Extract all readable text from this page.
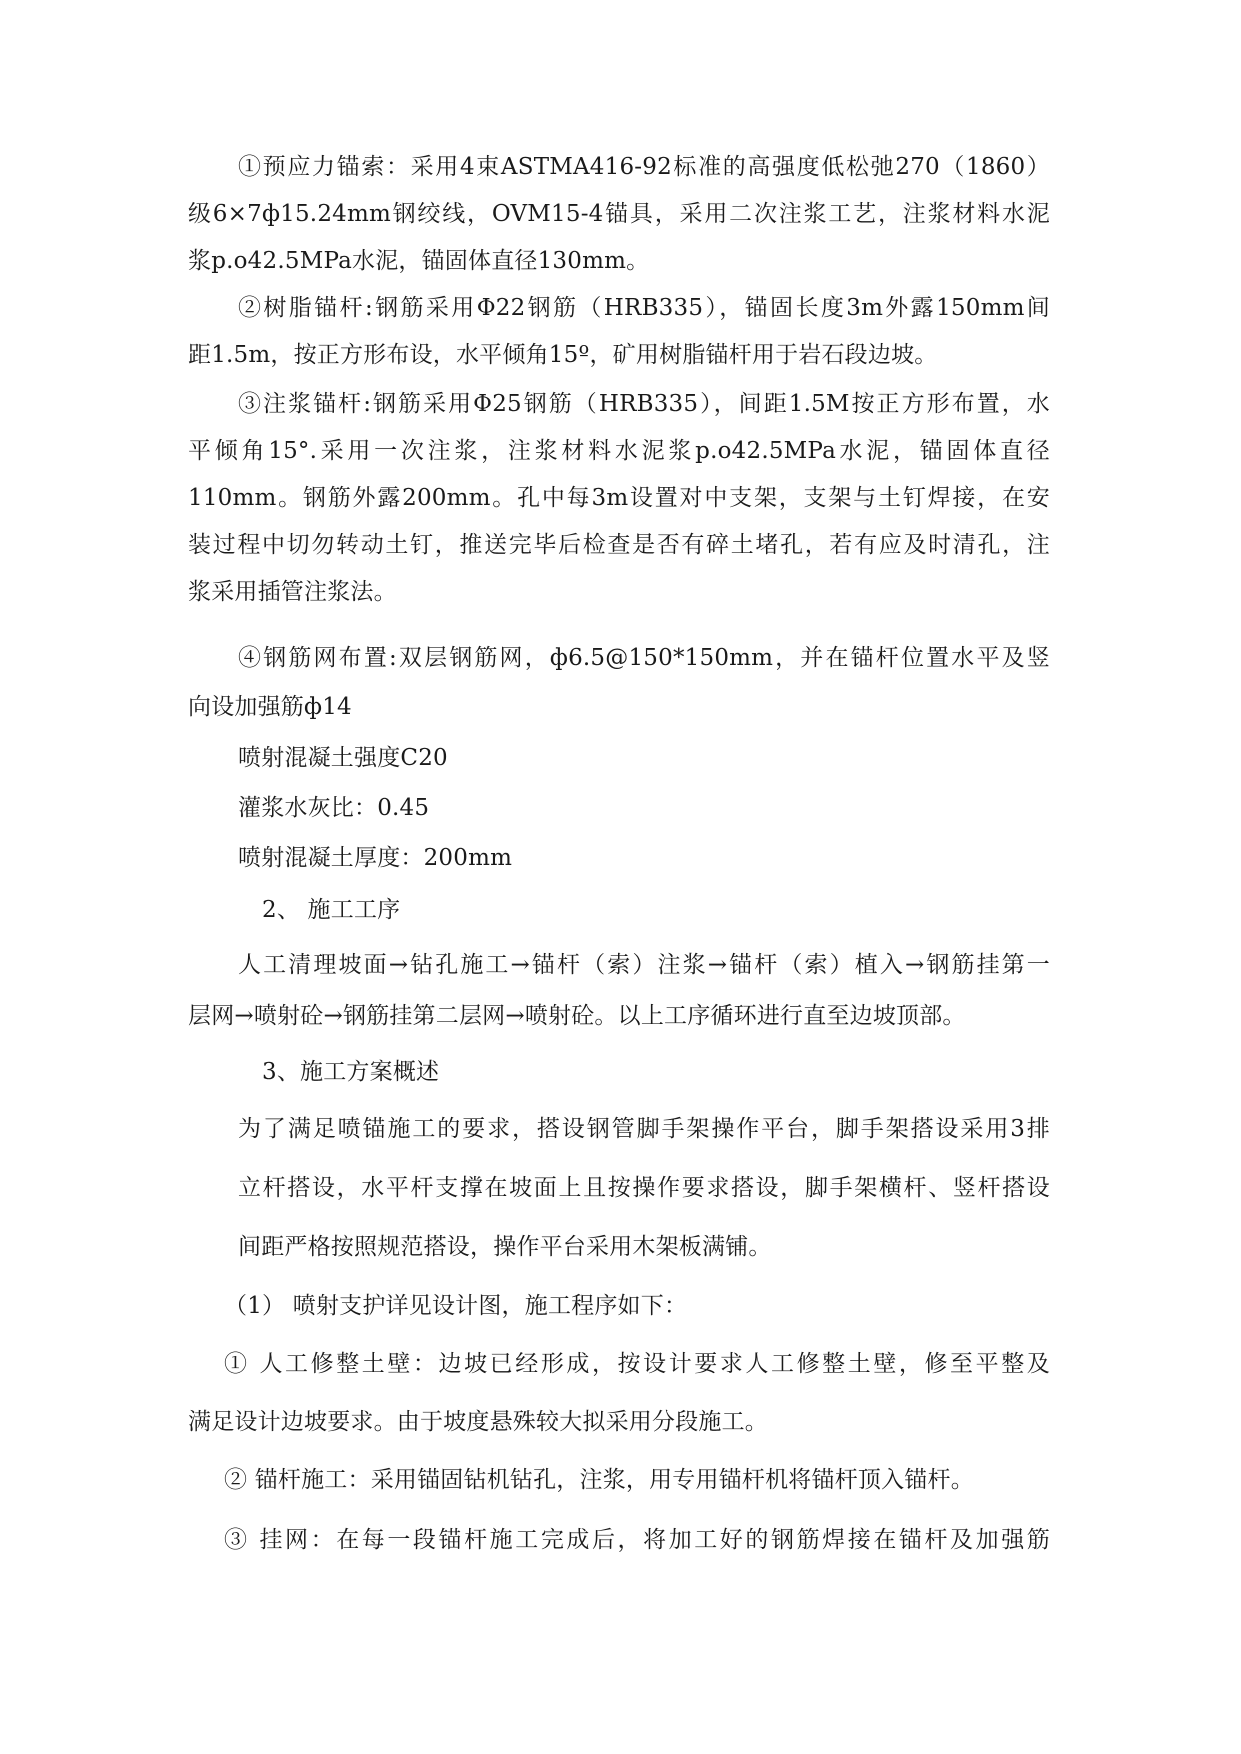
①预应力锚索：采用4束ASTMA416-92标准的高强度低松弛270（1860）
级6×7ф15.24mm钢绞线，OVM15-4锚具，采用二次注浆工艺，注浆材料水泥
浆p.o42.5MPa水泥，锚固体直径130mm。
②树脂锚杆:钢筋采用Φ22钢筋（HRB335），锚固长度3m外露150mm间
距1.5m，按正方形布设，水平倾角15º，矿用树脂锚杆用于岩石段边坡。
③注浆锚杆:钢筋采用Φ25钢筋（HRB335），间距1.5M按正方形布置，水
平倾角15°.采用一次注浆，注浆材料水泥浆p.o42.5MPa水泥，锚固体直径
110mm。钢筋外露200mm。孔中每3m设置对中支架，支架与土钉焊接，在安
装过程中切勿转动土钉，推送完毕后检查是否有碎土堵孔，若有应及时清孔，注
浆采用插管注浆法。
④钢筋网布置:双层钢筋网，ф6.5@150*150mm，并在锚杆位置水平及竖
向设加强筋ф14
喷射混凝土强度C20
灌浆水灰比：0.45
喷射混凝土厚度：200mm
2、 施工工序
人工清理坡面→钻孔施工→锚杆（索）注浆→锚杆（索）植入→钢筋挂第一
层网→喷射砼→钢筋挂第二层网→喷射砼。以上工序循环进行直至边坡顶部。
3、施工方案概述
为了满足喷锚施工的要求，搭设钢管脚手架操作平台，脚手架搭设采用3排
立杆搭设，水平杆支撑在坡面上且按操作要求搭设，脚手架横杆、竖杆搭设
间距严格按照规范搭设，操作平台采用木架板满铺。
（1） 喷射支护详见设计图，施工程序如下：
① 人工修整土壁：边坡已经形成，按设计要求人工修整土壁，修至平整及
满足设计边坡要求。由于坡度悬殊较大拟采用分段施工。
② 锚杆施工：采用锚固钻机钻孔，注浆，用专用锚杆机将锚杆顶入锚杆。
③ 挂网：在每一段锚杆施工完成后，将加工好的钢筋焊接在锚杆及加强筋
